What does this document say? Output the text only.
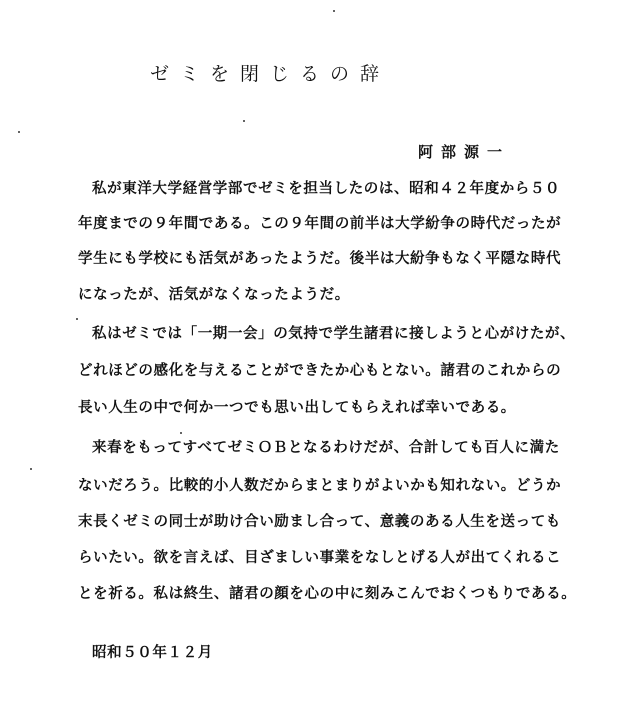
ゼミを閉じるの辞
阿部源一
私が東洋大学経営学部でゼミを担当したのは、昭和４２年度から５０
年度までの９年間である。この９年間の前半は大学紛争の時代だったが
学生にも学校にも活気があったようだ。後半は大紛争もなく平隠な時代
になったが、活気がなくなったようだ。
私はゼミでは「一期一会」の気持で学生諸君に接しようと心がけたが、
どれほどの感化を与えることができたか心もとない。諸君のこれからの
長い人生の中で何か一つでも思い出してもらえれば幸いである。
来春をもってすべてゼミＯＢとなるわけだが、合計しても百人に満た
ないだろう。比較的小人数だからまとまりがよいかも知れない。どうか
末長くゼミの同士が助け合い励まし合って、意義のある人生を送っても
らいたい。欲を言えば、目ざましい事業をなしとげる人が出てくれるこ
とを祈る。私は終生、諸君の顔を心の中に刻みこんでおくつもりである。
昭和５０年１２月
